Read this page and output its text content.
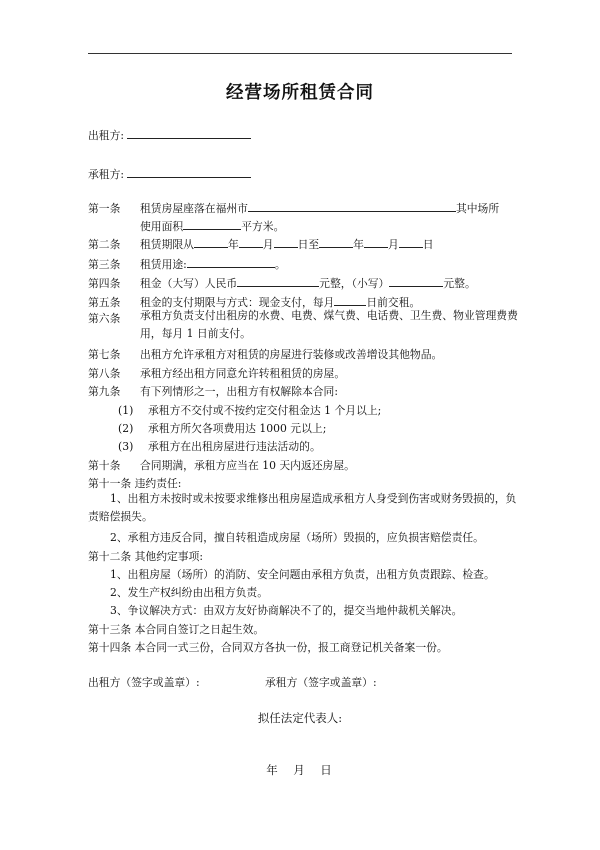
经营场所租赁合同
出租方:
承租方:
第一条 租赁房屋座落在福州市	其中场所
使用面积	平方米。
第二条 租赁期限从	年 月 日至	年 月 日
第三条 租赁用途:	。
第四条 租金（大写）人民币	元整，（小写）	元整。
第五条 租金的支付期限与方式：现金支付，每月	日前交租。
第六条	承租方负责支付出租房的水费、电费、煤气费、电话费、卫生费、物业管理费费用，每月 1 日前支付。
第七条 出租方允许承租方对租赁的房屋进行装修或改善增设其他物品。
第八条 承租方经出租方同意允许转租租赁的房屋。
第九条 有下列情形之一，出租方有权解除本合同:
(1) 承租方不交付或不按约定交付租金达 1 个月以上;
(2) 承租方所欠各项费用达 1000 元以上;
(3) 承租方在出租房屋进行违法活动的。
第十条 合同期满，承租方应当在 10 天内返还房屋。
第十一条 违约责任:
1、出租方未按时或未按要求维修出租房屋造成承租方人身受到伤害或财务毁损的，负责赔偿损失。
2、承租方违反合同，擅自转租造成房屋（场所）毁损的，应负损害赔偿责任。
第十二条 其他约定事项:
1、出租房屋（场所）的消防、安全问题由承租方负责，出租方负责跟踪、检查。
2、发生产权纠纷由出租方负责。
3、争议解决方式：由双方友好协商解决不了的，提交当地仲裁机关解决。
第十三条 本合同自签订之日起生效。
第十四条 本合同一式三份，合同双方各执一份，报工商登记机关备案一份。
出租方（签字或盖章）:	承租方（签字或盖章）:
拟任法定代表人:
年　月　日
